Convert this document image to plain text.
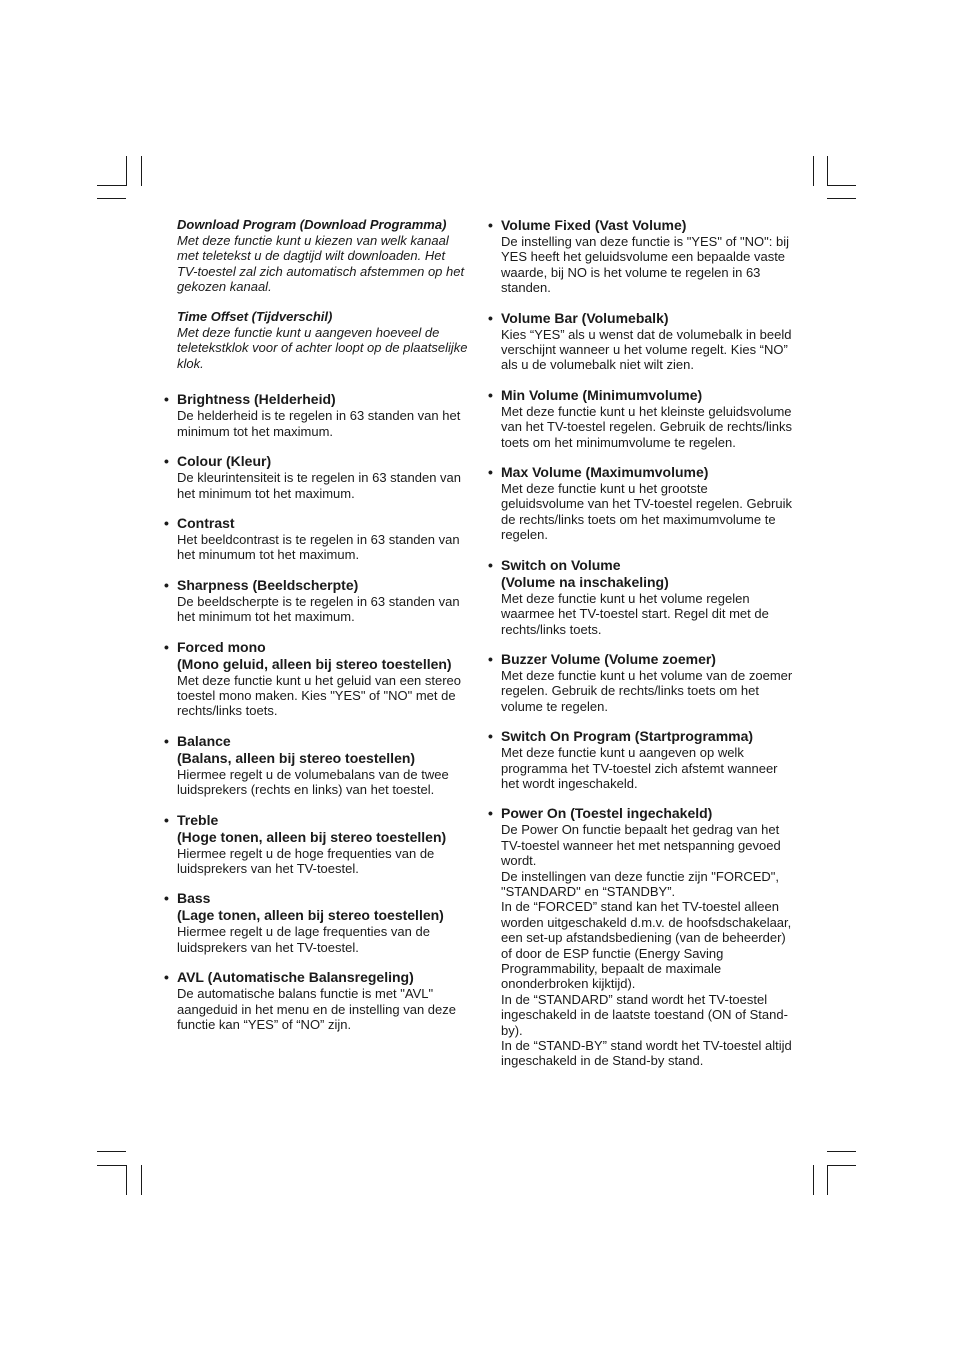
Download Program (Download Programma)
Met deze functie kunt u kiezen van welk kanaal met teletekst u de dagtijd wilt downloaden. Het TV-toestel zal zich automatisch afstemmen op het gekozen kanaal.
Time Offset (Tijdverschil)
Met deze functie kunt u aangeven hoeveel de teletekstklok voor of achter loopt op de plaatselijke klok.
• Brightness (Helderheid)
De helderheid is te regelen in 63 standen van het minimum tot het maximum.
• Colour (Kleur)
De kleurintensiteit is te regelen in 63 standen van het minimum tot het maximum.
• Contrast
Het beeldcontrast is te regelen in 63 standen van het minumum tot het maximum.
• Sharpness (Beeldscherpte)
De beeldscherpte is te regelen in 63 standen van het minimum tot het maximum.
• Forced mono
(Mono geluid, alleen bij stereo toestellen)
Met deze functie kunt u het geluid van een stereo toestel mono maken. Kies "YES" of "NO" met de rechts/links toets.
• Balance
(Balans, alleen bij stereo toestellen)
Hiermee regelt u de volumebalans van de twee luidsprekers (rechts en links) van het toestel.
• Treble
(Hoge tonen, alleen bij stereo toestellen)
Hiermee regelt u de hoge frequenties van de luidsprekers van het TV-toestel.
• Bass
(Lage tonen, alleen bij stereo toestellen)
Hiermee regelt u de lage frequenties van de luidsprekers van het TV-toestel.
• AVL (Automatische Balansregeling)
De automatische balans functie is met "AVL" aangeduid in het menu en de instelling van deze functie kan “YES” of “NO” zijn.
• Volume Fixed (Vast Volume)
De instelling van deze functie is "YES" of "NO": bij YES heeft het geluidsvolume een bepaalde vaste waarde, bij NO is het volume te regelen in 63 standen.
• Volume Bar (Volumebalk)
Kies “YES” als u wenst dat de volumebalk in beeld verschijnt wanneer u het volume regelt. Kies “NO” als u de volumebalk niet wilt zien.
• Min Volume (Minimumvolume)
Met deze functie kunt u het kleinste geluidsvolume van het TV-toestel regelen. Gebruik de rechts/links toets om het minimumvolume te regelen.
• Max Volume (Maximumvolume)
Met deze functie kunt u het grootste geluidsvolume van het TV-toestel regelen. Gebruik de rechts/links toets om het maximumvolume te regelen.
• Switch on Volume
(Volume na inschakeling)
Met deze functie kunt u het volume regelen waarmee het TV-toestel start. Regel dit met de rechts/links toets.
• Buzzer Volume (Volume zoemer)
Met deze functie kunt u het volume van de zoemer regelen. Gebruik de rechts/links toets om het volume te regelen.
• Switch On Program (Startprogramma)
Met deze functie kunt u aangeven op welk programma het TV-toestel zich afstemt wanneer het wordt ingeschakeld.
• Power On (Toestel ingechakeld)
De Power On functie bepaalt het gedrag van het TV-toestel wanneer het met netspanning gevoed wordt.
De instellingen van deze functie zijn "FORCED", "STANDARD" en “STANDBY”.
In de “FORCED” stand kan het TV-toestel alleen worden uitgeschakeld d.m.v. de hoofsdschakelaar, een set-up afstandsbediening (van de beheerder) of door de ESP functie (Energy Saving Programmability, bepaalt de maximale ononderbroken kijktijd).
In de “STANDARD” stand wordt het TV-toestel ingeschakeld in de laatste toestand (ON of Stand-by).
In de “STAND-BY” stand wordt het TV-toestel altijd ingeschakeld in de Stand-by stand.
